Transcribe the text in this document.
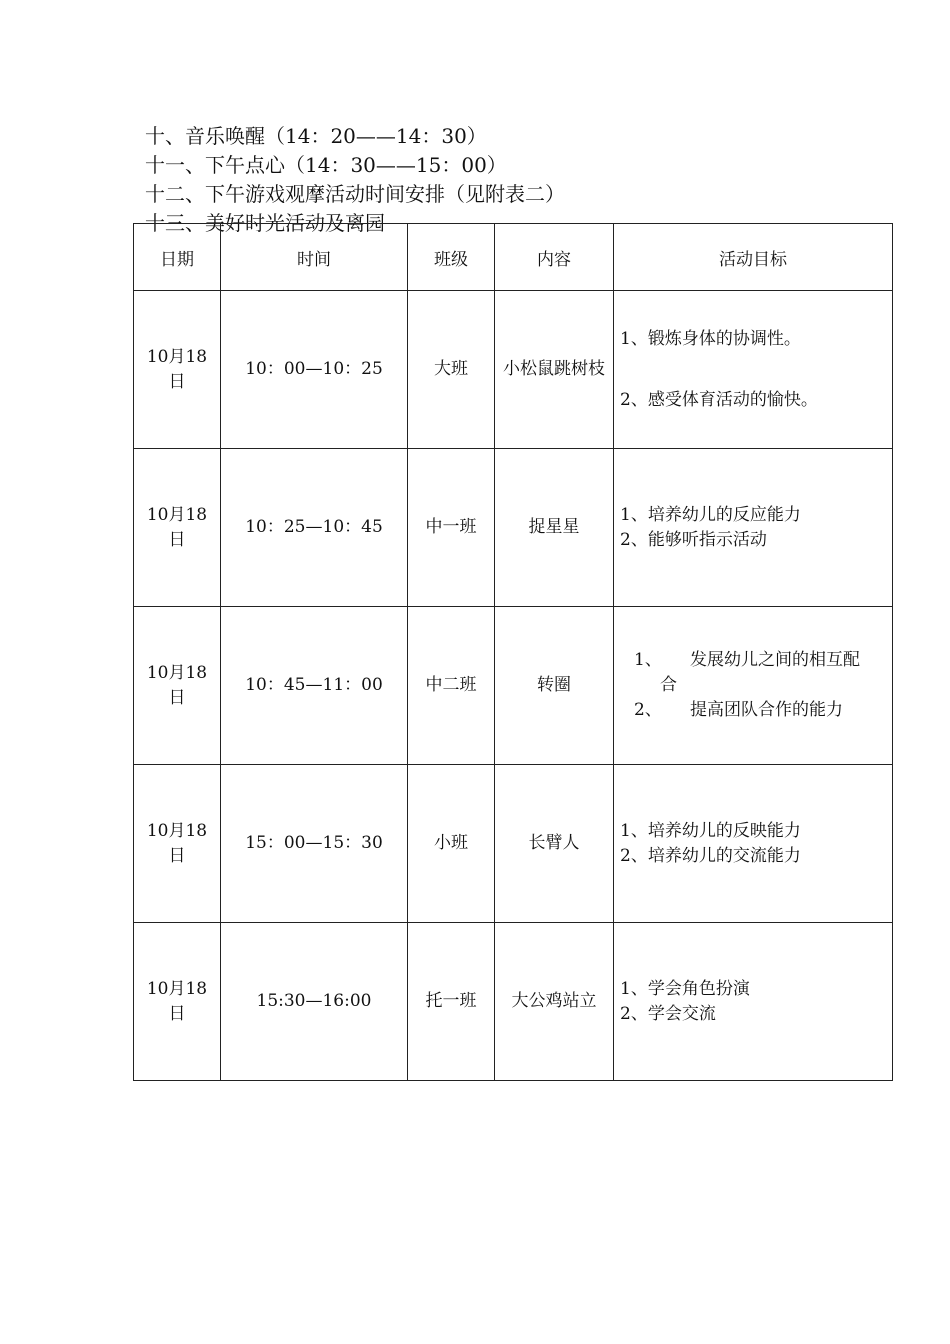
十、音乐唤醒（14：20——14：30）

十一、下午点心（14：30——15：00）

十二、下午游戏观摩活动时间安排（见附表二）

十三、美好时光活动及离园

日期	时间	班级	内容	活动目标
10月18日	10：00—10：25	大班	小松鼠跳树枝	1、锻炼身体的协调性。
2、感受体育活动的愉快。

10月18日	10：25—10：45	中一班	捉星星	1、培养幼儿的反应能力
2、能够听指示活动

10月18日	10：45—11：00	中二班	转圈	1、 发展幼儿之间的相互配
合
2、 提高团队合作的能力

10月18日	15：00—15：30	小班	长臂人	1、培养幼儿的反映能力
2、培养幼儿的交流能力

10月18日	15:30—16:00	托一班	大公鸡站立	1、学会角色扮演
2、学会交流
